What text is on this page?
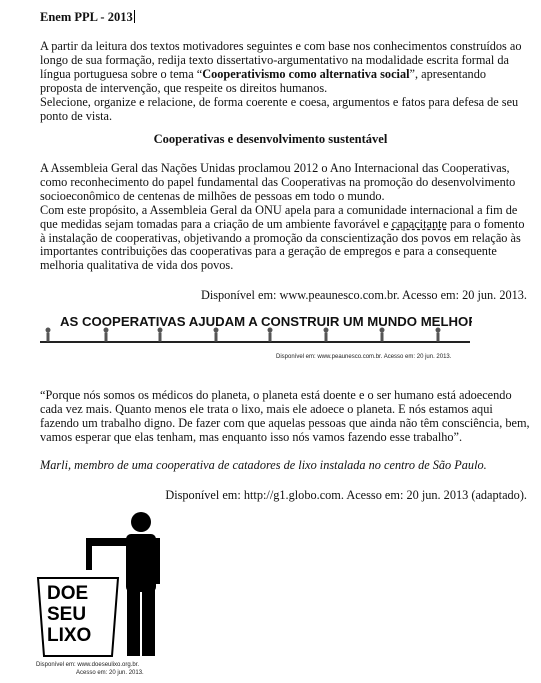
Enem PPL - 2013

A partir da leitura dos textos motivadores seguintes e com base nos conhecimentos construídos ao longo de sua formação, redija texto dissertativo-argumentativo na modalidade escrita formal da língua portuguesa sobre o tema “Cooperativismo como alternativa social”, apresentando proposta de intervenção, que respeite os direitos humanos.

Selecione, organize e relacione, de forma coerente e coesa, argumentos e fatos para defesa de seu ponto de vista.

Cooperativas e desenvolvimento sustentável

A Assembleia Geral das Nações Unidas proclamou 2012 o Ano Internacional das Cooperativas, como reconhecimento do papel fundamental das Cooperativas na promoção do desenvolvimento socioeconômico de centenas de milhões de pessoas em todo o mundo.

Com este propósito, a Assembleia Geral da ONU apela para a comunidade internacional a fim de que medidas sejam tomadas para a criação de um ambiente favorável e capacitante para o fomento à instalação de cooperativas, objetivando a promoção da conscientização dos povos em relação às importantes contribuições das cooperativas para a geração de empregos e para a consequente melhoria qualitativa de vida dos povos.

Disponível em: www.peaunesco.com.br. Acesso em: 20 jun. 2013.
AS COOPERATIVAS AJUDAM A CONSTRUIR UM MUNDO MELHOR
Disponível em: www.peaunesco.com.br. Acesso em: 20 jun. 2013.

“Porque nós somos os médicos do planeta, o planeta está doente e o ser humano está adoecendo cada vez mais. Quanto menos ele trata o lixo, mais ele adoece o planeta. E nós estamos aqui fazendo um trabalho digno. De fazer com que aquelas pessoas que ainda não têm consciência, bem, vamos esperar que elas tenham, mas enquanto isso nós vamos fazendo esse trabalho”.

Marli, membro de uma cooperativa de catadores de lixo instalada no centro de São Paulo.

Disponível em: http://g1.globo.com. Acesso em: 20 jun. 2013 (adaptado).
DOE
SEU
LIXO
Disponível em: www.doeseulixo.org.br.
Acesso em: 20 jun. 2013.
